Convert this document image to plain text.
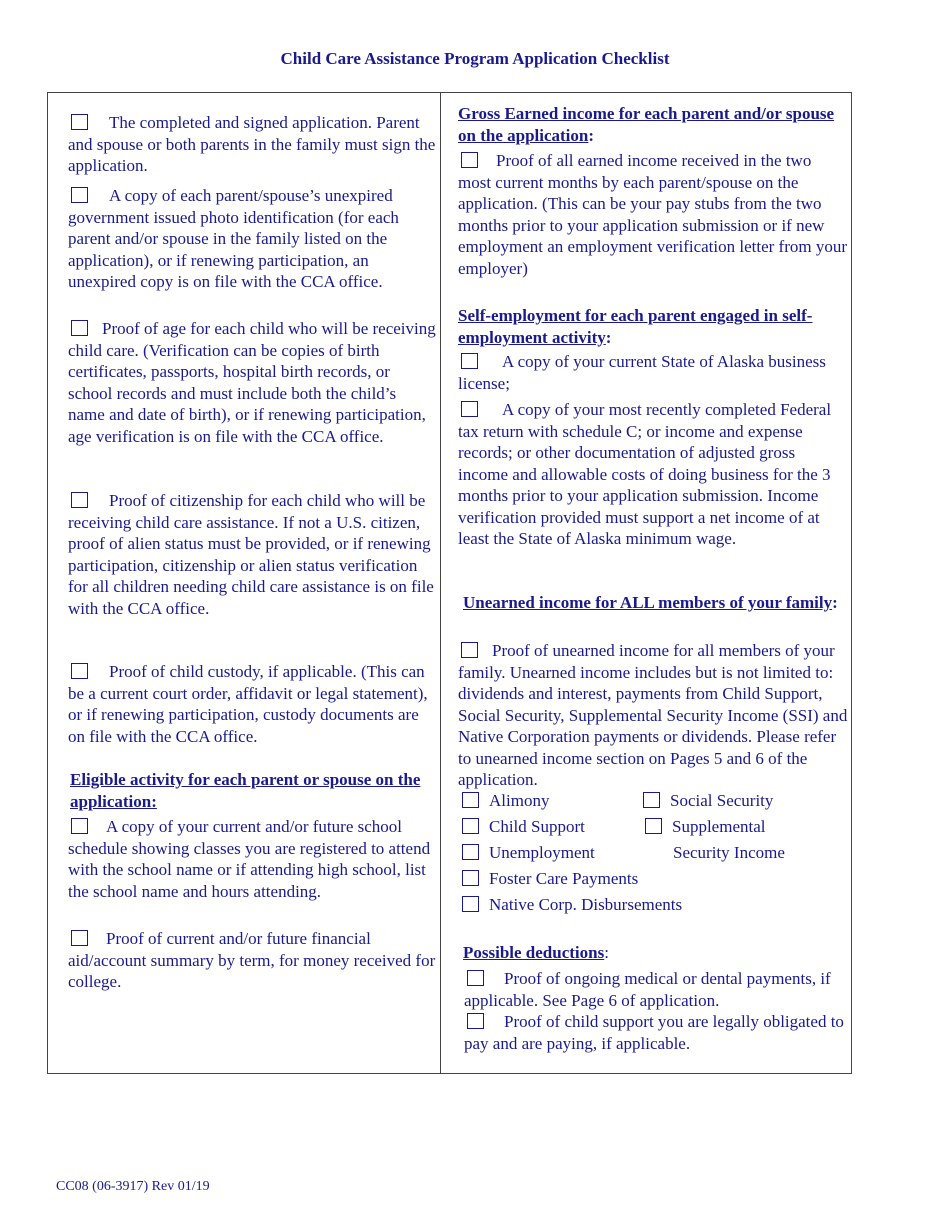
Child Care Assistance Program Application Checklist

The completed and signed application. Parent and spouse or both parents in the family must sign the application.

A copy of each parent/spouse’s unexpired government issued photo identification (for each parent and/or spouse in the family listed on the application), or if renewing participation, an unexpired copy is on file with the CCA office.

Proof of age for each child who will be receiving child care. (Verification can be copies of birth certificates, passports, hospital birth records, or school records and must include both the child’s name and date of birth), or if renewing participation, age verification is on file with the CCA office.

Proof of citizenship for each child who will be receiving child care assistance. If not a U.S. citizen, proof of alien status must be provided, or if renewing participation, citizenship or alien status verification for all children needing child care assistance is on file with the CCA office.

Proof of child custody, if applicable. (This can be a current court order, affidavit or legal statement), or if renewing participation, custody documents are on file with the CCA office.

Eligible activity for each parent or spouse on the application:

A copy of your current and/or future school schedule showing classes you are registered to attend with the school name or if attending high school, list the school name and hours attending.

Proof of current and/or future financial aid/account summary by term, for money received for college.

Gross Earned income for each parent and/or spouse on the application:

Proof of all earned income received in the two most current months by each parent/spouse on the application. (This can be your pay stubs from the two months prior to your application submission or if new employment an employment verification letter from your employer)

Self-employment for each parent engaged in self- employment activity:

A copy of your current State of Alaska business license;

A copy of your most recently completed Federal tax return with schedule C; or income and expense records; or other documentation of adjusted gross income and allowable costs of doing business for the 3 months prior to your application submission. Income verification provided must support a net income of at least the State of Alaska minimum wage.

Unearned income for ALL members of your family:

Proof of unearned income for all members of your family. Unearned income includes but is not limited to: dividends and interest, payments from Child Support, Social Security, Supplemental Security Income (SSI) and Native Corporation payments or dividends. Please refer to unearned income section on Pages 5 and 6 of the application.

Alimony
Child Support
Unemployment
Foster Care Payments
Native Corp. Disbursements
Social Security
Supplemental
Security Income

Possible deductions:

Proof of ongoing medical or dental payments, if applicable. See Page 6 of application.

Proof of child support you are legally obligated to pay and are paying, if applicable.

CC08 (06-3917) Rev 01/19
